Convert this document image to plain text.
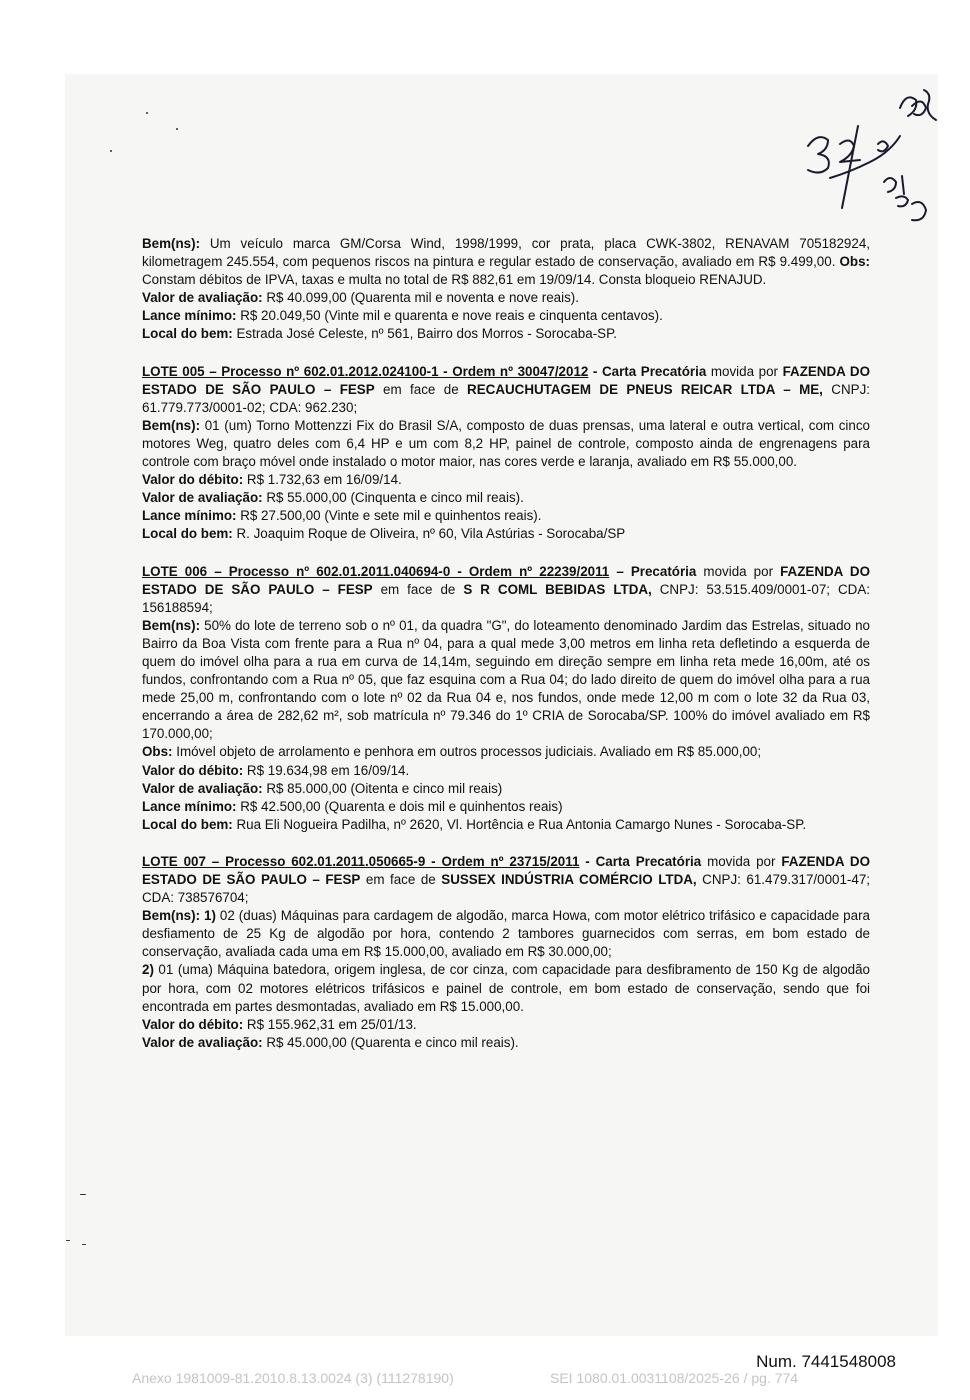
Bem(ns): Um veículo marca GM/Corsa Wind, 1998/1999, cor prata, placa CWK-3802, RENAVAM 705182924, kilometragem 245.554, com pequenos riscos na pintura e regular estado de conservação, avaliado em R$ 9.499,00. Obs: Constam débitos de IPVA, taxas e multa no total de R$ 882,61 em 19/09/14. Consta bloqueio RENAJUD.

Valor de avaliação: R$ 40.099,00 (Quarenta mil e noventa e nove reais).

Lance mínimo: R$ 20.049,50 (Vinte mil e quarenta e nove reais e cinquenta centavos).

Local do bem: Estrada José Celeste, nº 561, Bairro dos Morros - Sorocaba-SP.

LOTE 005 – Processo nº 602.01.2012.024100-1 - Ordem nº 30047/2012 - Carta Precatória movida por FAZENDA DO ESTADO DE SÃO PAULO – FESP em face de RECAUCHUTAGEM DE PNEUS REICAR LTDA – ME, CNPJ: 61.779.773/0001-02; CDA: 962.230;

Bem(ns): 01 (um) Torno Mottenzzi Fix do Brasil S/A, composto de duas prensas, uma lateral e outra vertical, com cinco motores Weg, quatro deles com 6,4 HP e um com 8,2 HP, painel de controle, composto ainda de engrenagens para controle com braço móvel onde instalado o motor maior, nas cores verde e laranja, avaliado em R$ 55.000,00.

Valor do débito: R$ 1.732,63 em 16/09/14.

Valor de avaliação: R$ 55.000,00 (Cinquenta e cinco mil reais).

Lance mínimo: R$ 27.500,00 (Vinte e sete mil e quinhentos reais).

Local do bem: R. Joaquim Roque de Oliveira, nº 60, Vila Astúrias - Sorocaba/SP

LOTE 006 – Processo nº 602.01.2011.040694-0 - Ordem nº 22239/2011 – Precatória movida por FAZENDA DO ESTADO DE SÃO PAULO – FESP em face de S R COML BEBIDAS LTDA, CNPJ: 53.515.409/0001-07; CDA: 156188594;

Bem(ns): 50% do lote de terreno sob o nº 01, da quadra "G", do loteamento denominado Jardim das Estrelas, situado no Bairro da Boa Vista com frente para a Rua nº 04, para a qual mede 3,00 metros em linha reta defletindo a esquerda de quem do imóvel olha para a rua em curva de 14,14m, seguindo em direção sempre em linha reta mede 16,00m, até os fundos, confrontando com a Rua nº 05, que faz esquina com a Rua 04; do lado direito de quem do imóvel olha para a rua mede 25,00 m, confrontando com o lote nº 02 da Rua 04 e, nos fundos, onde mede 12,00 m com o lote 32 da Rua 03, encerrando a área de 282,62 m², sob matrícula nº 79.346 do 1º CRIA de Sorocaba/SP. 100% do imóvel avaliado em R$ 170.000,00;

Obs: Imóvel objeto de arrolamento e penhora em outros processos judiciais. Avaliado em R$ 85.000,00;

Valor do débito: R$ 19.634,98 em 16/09/14.

Valor de avaliação: R$ 85.000,00 (Oitenta e cinco mil reais)

Lance mínimo: R$ 42.500,00 (Quarenta e dois mil e quinhentos reais)

Local do bem: Rua Eli Nogueira Padilha, nº 2620, Vl. Hortência e Rua Antonia Camargo Nunes - Sorocaba-SP.

LOTE 007 – Processo 602.01.2011.050665-9 - Ordem nº 23715/2011 - Carta Precatória movida por FAZENDA DO ESTADO DE SÃO PAULO – FESP em face de SUSSEX INDÚSTRIA COMÉRCIO LTDA, CNPJ: 61.479.317/0001-47; CDA: 738576704;

Bem(ns): 1) 02 (duas) Máquinas para cardagem de algodão, marca Howa, com motor elétrico trifásico e capacidade para desfiamento de 25 Kg de algodão por hora, contendo 2 tambores guarnecidos com serras, em bom estado de conservação, avaliada cada uma em R$ 15.000,00, avaliado em R$ 30.000,00;

2) 01 (uma) Máquina batedora, origem inglesa, de cor cinza, com capacidade para desfibramento de 150 Kg de algodão por hora, com 02 motores elétricos trifásicos e painel de controle, em bom estado de conservação, sendo que foi encontrada em partes desmontadas, avaliado em R$ 15.000,00.

Valor do débito: R$ 155.962,31 em 25/01/13.

Valor de avaliação: R$ 45.000,00 (Quarenta e cinco mil reais).

Num. 7441548008
Anexo 1981009-81.2010.8.13.0024 (3) (111278190)	SEI 1080.01.0031108/2025-26 / pg. 774
